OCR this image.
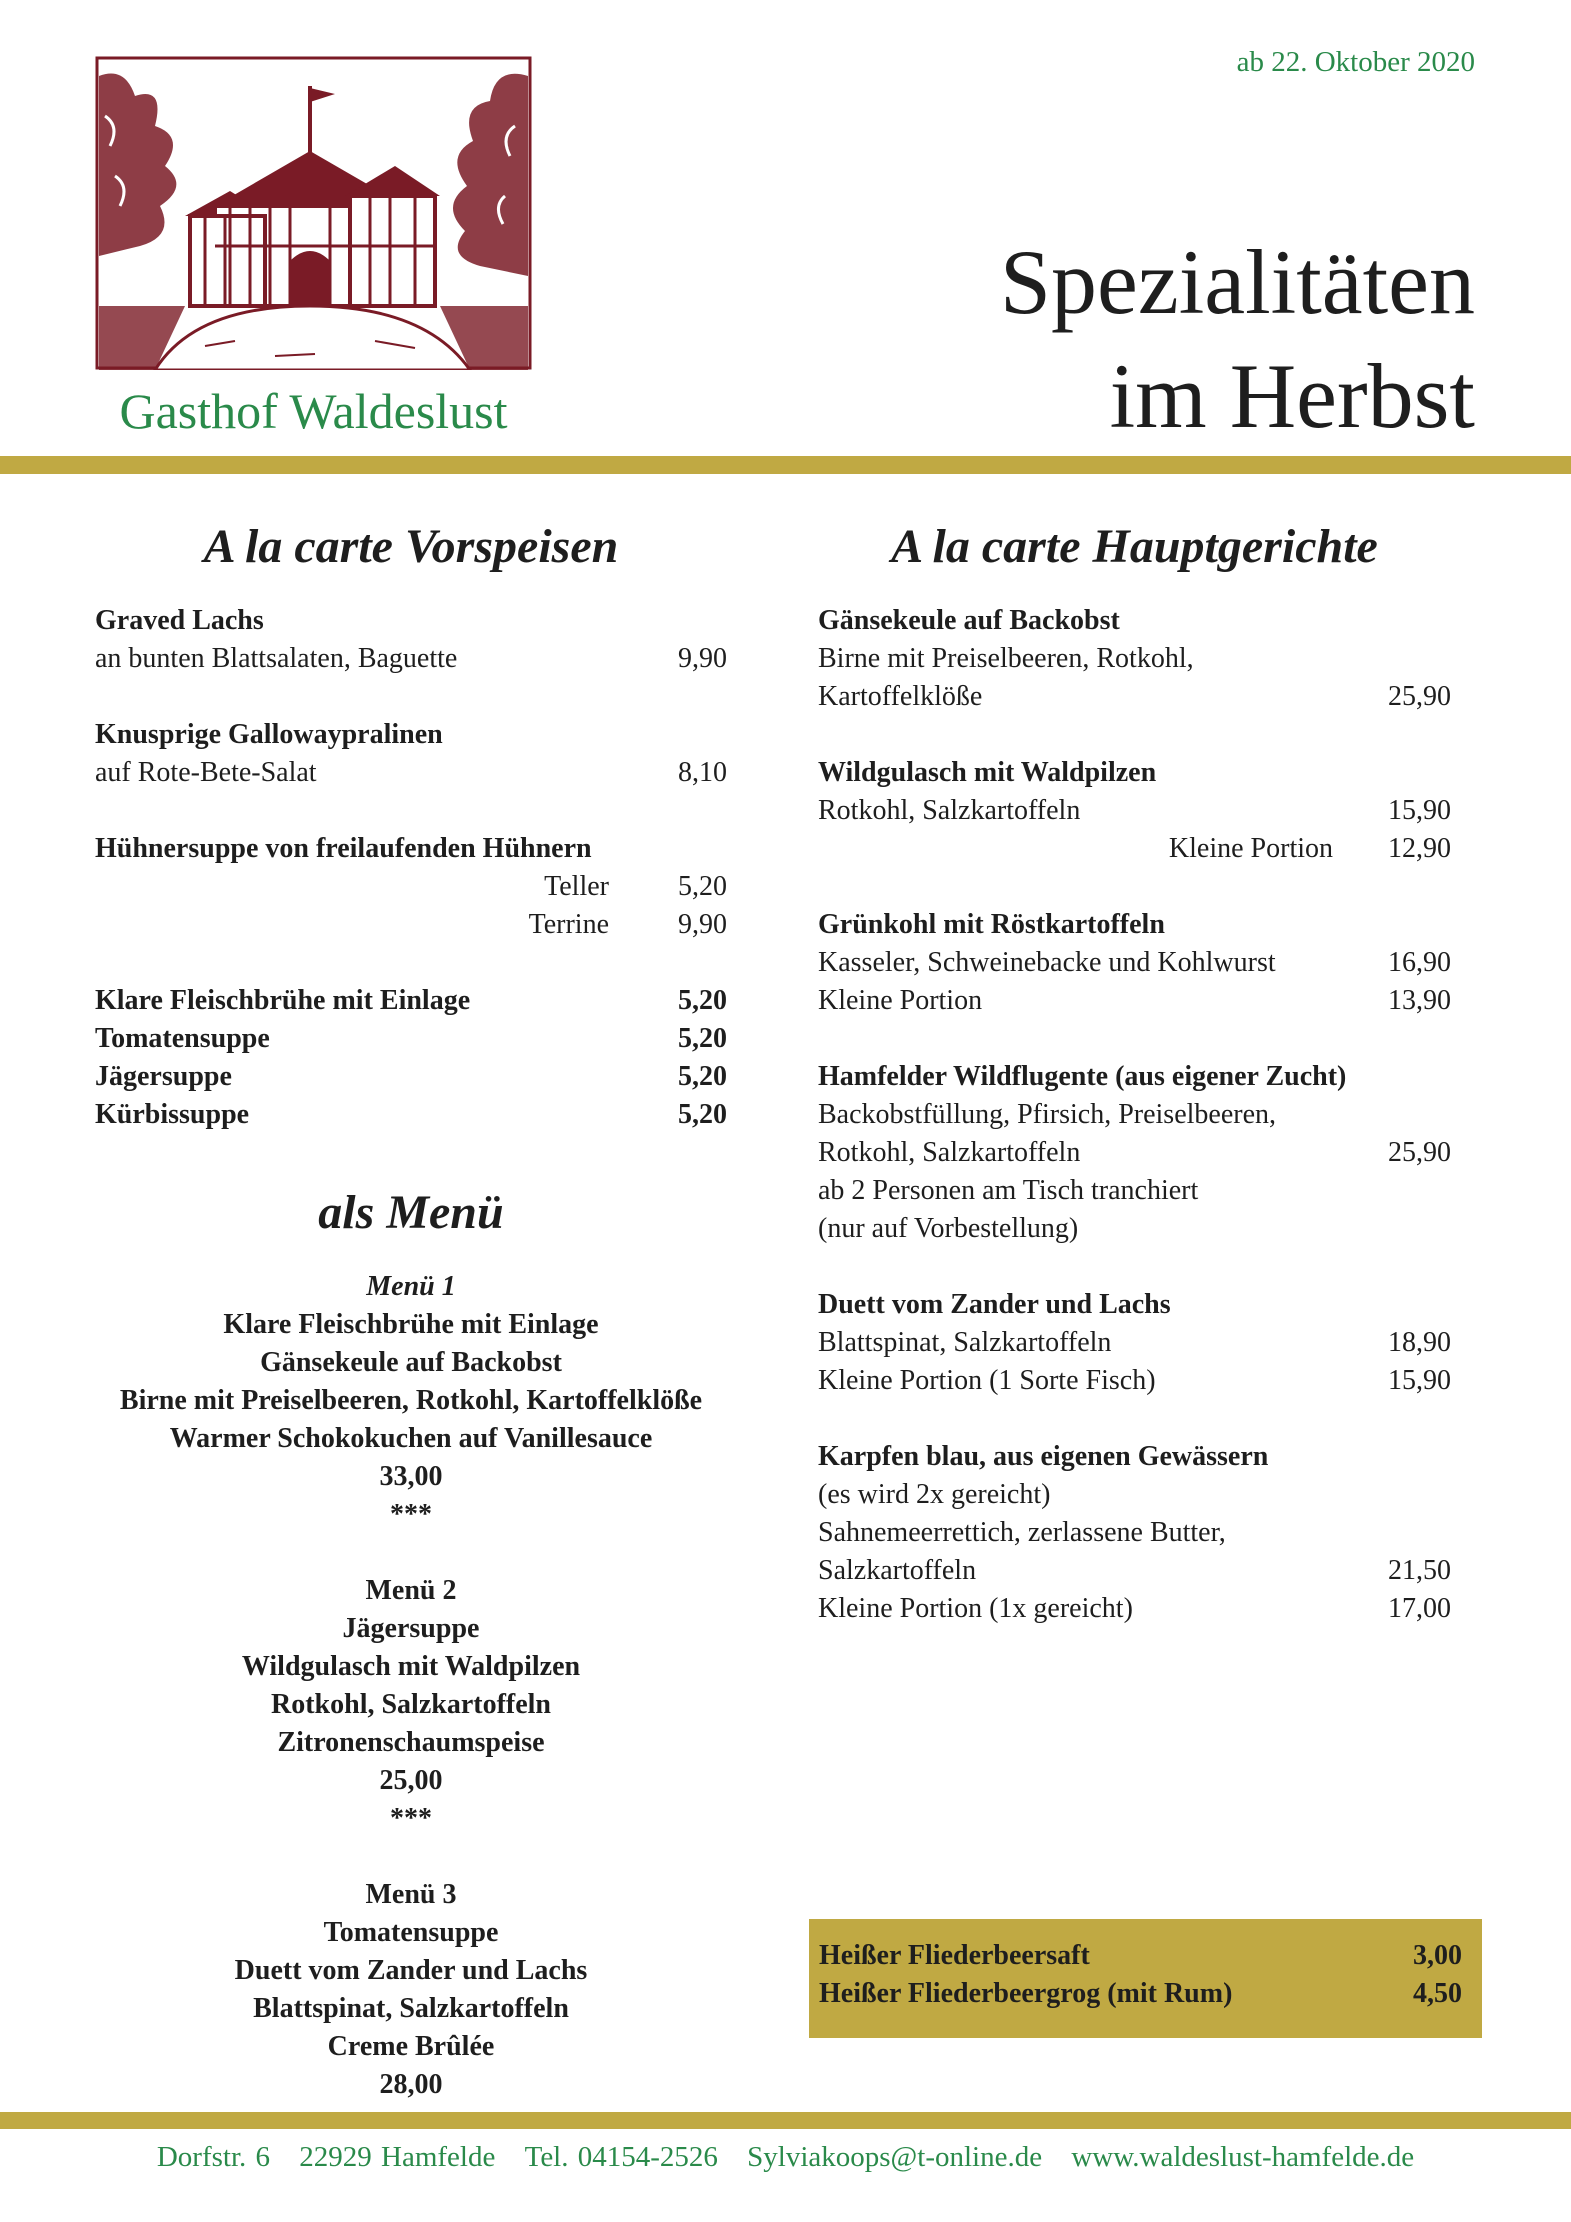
Gasthof Waldeslust
ab 22. Oktober 2020
Spezialitäten
im Herbst
A la carte Vorspeisen
Graved Lachs
an bunten Blattsalaten, Baguette	9,90
Knusprige Gallowaypralinen
auf Rote-Bete-Salat	8,10
Hühnersuppe von freilaufenden Hühnern
Teller	5,20
Terrine	9,90
Klare Fleischbrühe mit Einlage	5,20
Tomatensuppe	5,20
Jägersuppe	5,20
Kürbissuppe	5,20
als Menü
Menü 1
Klare Fleischbrühe mit Einlage
Gänsekeule auf Backobst
Birne mit Preiselbeeren, Rotkohl, Kartoffelklöße
Warmer Schokokuchen auf Vanillesauce
33,00
***
Menü 2
Jägersuppe
Wildgulasch mit Waldpilzen
Rotkohl, Salzkartoffeln
Zitronenschaumspeise
25,00
***
Menü 3
Tomatensuppe
Duett vom Zander und Lachs
Blattspinat, Salzkartoffeln
Creme Brûlée
28,00
A la carte Hauptgerichte
Gänsekeule auf Backobst
Birne mit Preiselbeeren, Rotkohl,
Kartoffelklöße	25,90
Wildgulasch mit Waldpilzen
Rotkohl, Salzkartoffeln	15,90
Kleine Portion	12,90
Grünkohl mit Röstkartoffeln
Kasseler, Schweinebacke und Kohlwurst	16,90
Kleine Portion	13,90
Hamfelder Wildflugente (aus eigener Zucht)
Backobstfüllung, Pfirsich, Preiselbeeren,
Rotkohl, Salzkartoffeln	25,90
ab 2 Personen am Tisch tranchiert
(nur auf Vorbestellung)
Duett vom Zander und Lachs
Blattspinat, Salzkartoffeln	18,90
Kleine Portion (1 Sorte Fisch)	15,90
Karpfen blau, aus eigenen Gewässern
(es wird 2x gereicht)
Sahnemeerrettich, zerlassene Butter,
Salzkartoffeln	21,50
Kleine Portion (1x gereicht)	17,00
Heißer Fliederbeersaft	3,00
Heißer Fliederbeergrog (mit Rum)	4,50
Dorfstr. 6 22929 Hamfelde Tel. 04154-2526 Sylviakoops@t-online.de www.waldeslust-hamfelde.de
